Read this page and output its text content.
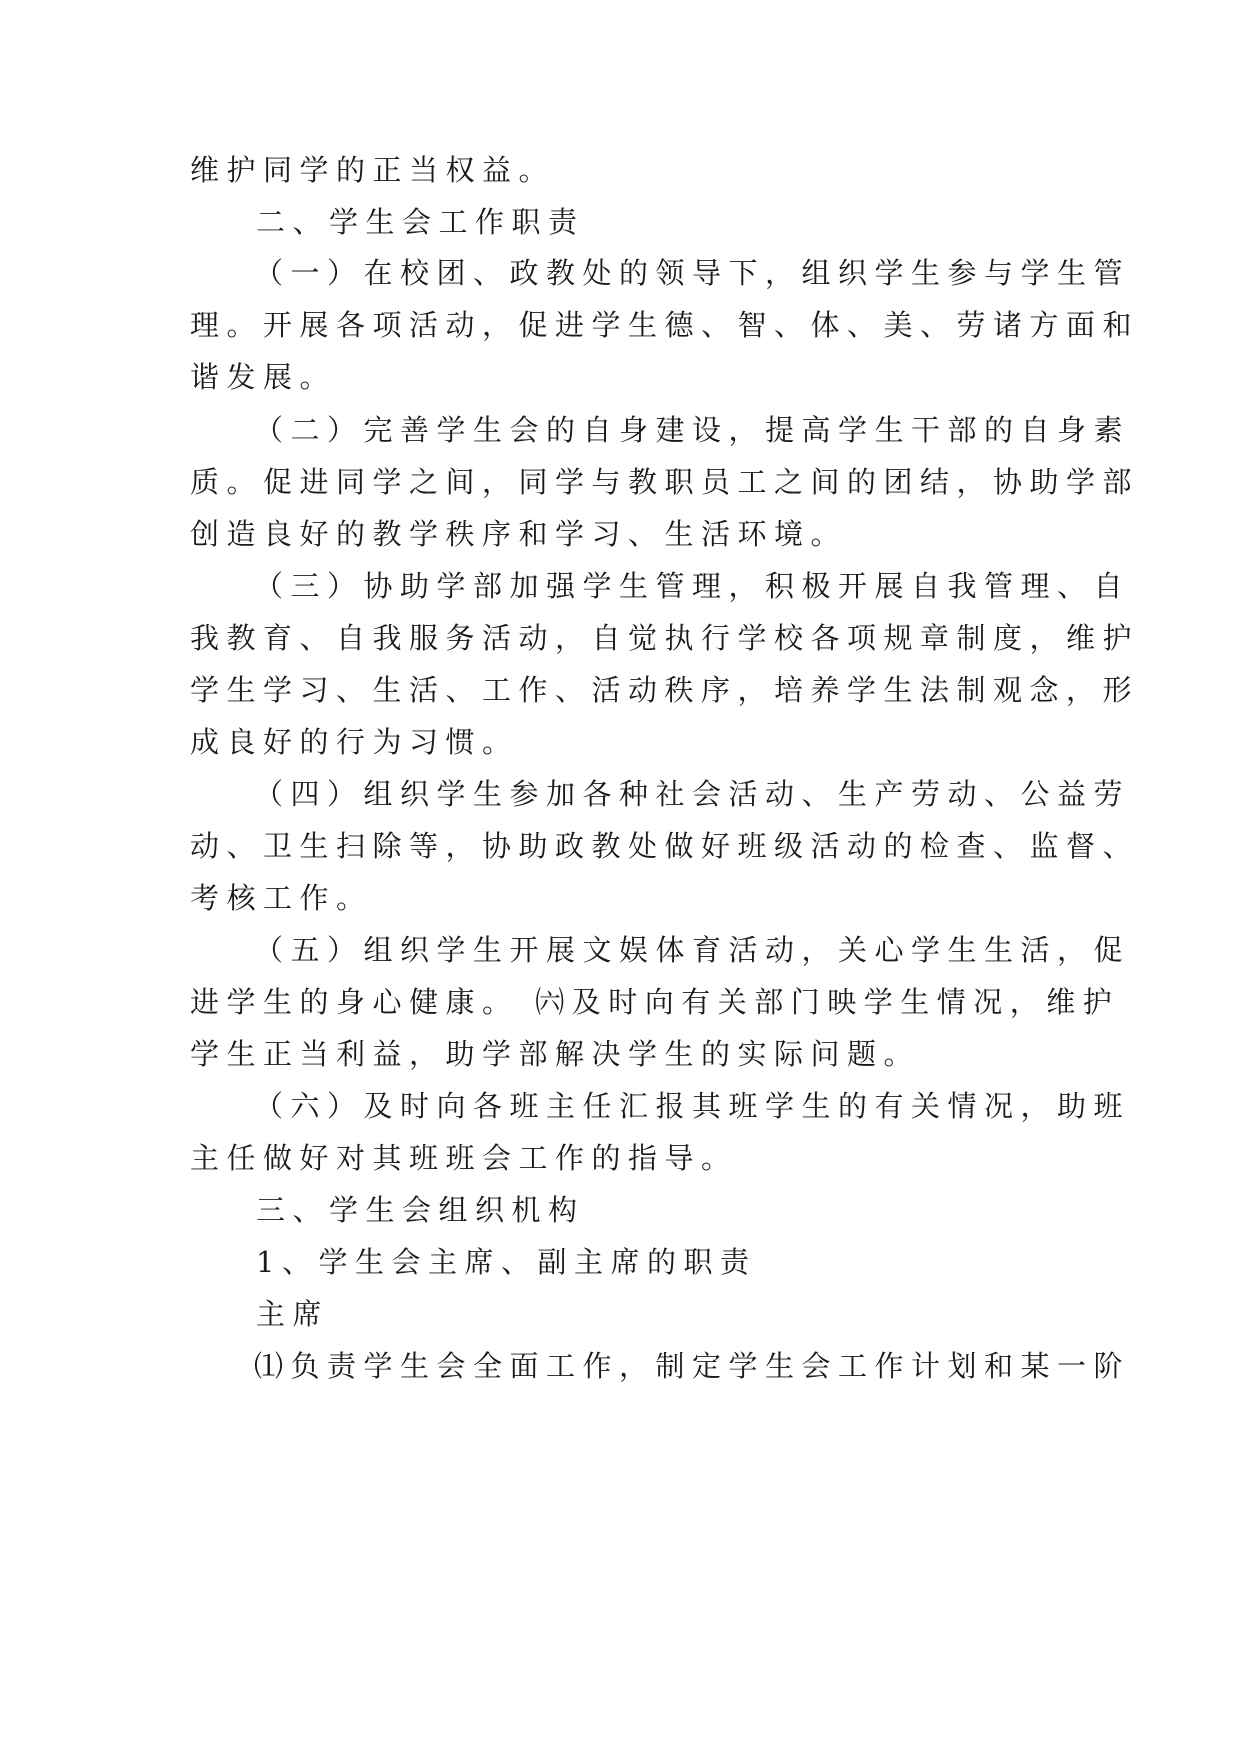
维护同学的正当权益。
二、学生会工作职责
（一）在校团、政教处的领导下，组织学生参与学生管
理。开展各项活动，促进学生德、智、体、美、劳诸方面和
谐发展。
（二）完善学生会的自身建设，提高学生干部的自身素
质。促进同学之间，同学与教职员工之间的团结，协助学部
创造良好的教学秩序和学习、生活环境。
（三）协助学部加强学生管理，积极开展自我管理、自
我教育、自我服务活动，自觉执行学校各项规章制度，维护
学生学习、生活、工作、活动秩序，培养学生法制观念，形
成良好的行为习惯。
（四）组织学生参加各种社会活动、生产劳动、公益劳
动、卫生扫除等，协助政教处做好班级活动的检查、监督、
考核工作。
（五）组织学生开展文娱体育活动，关心学生生活，促
进学生的身心健康。 ㈥及时向有关部门映学生情况，维护
学生正当利益，助学部解决学生的实际问题。
（六）及时向各班主任汇报其班学生的有关情况，助班
主任做好对其班班会工作的指导。
三、学生会组织机构
1、学生会主席、副主席的职责
主席
⑴负责学生会全面工作，制定学生会工作计划和某一阶
